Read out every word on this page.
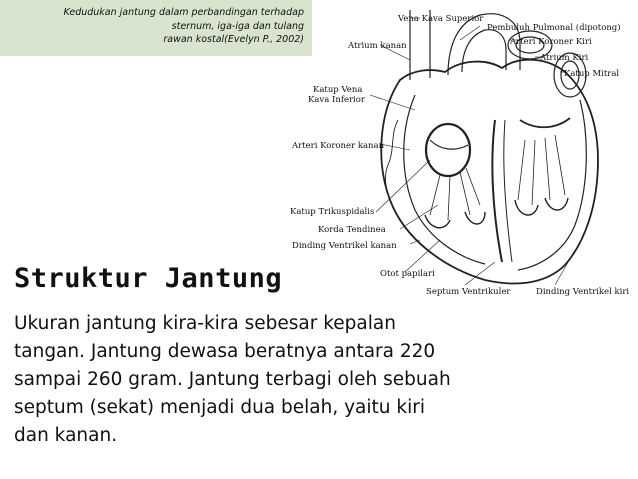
Kedudukan jantung dalam perbandingan terhadap
sternum, iga-iga dan tulang
rawan kostal(Evelyn P., 2002)
Vena Kava Superior
Pembuluh Pulmonal (dipotong)
Arteri Koroner Kiri
Atrium kanan
Atrium Kiri
Katup Mitral
Katup Vena
Kava Inferior
Arteri Koroner kanan
Katup Trikuspidalis
Korda Tendinea
Dinding Ventrikel kanan
Otot papilari
Septum Ventrikuler	Dinding Ventrikel kiri
Struktur Jantung

Ukuran jantung kira-kira sebesar kepalan
tangan. Jantung dewasa beratnya antara 220
sampai 260 gram. Jantung terbagi oleh sebuah
septum (sekat) menjadi dua belah, yaitu kiri
dan kanan.
